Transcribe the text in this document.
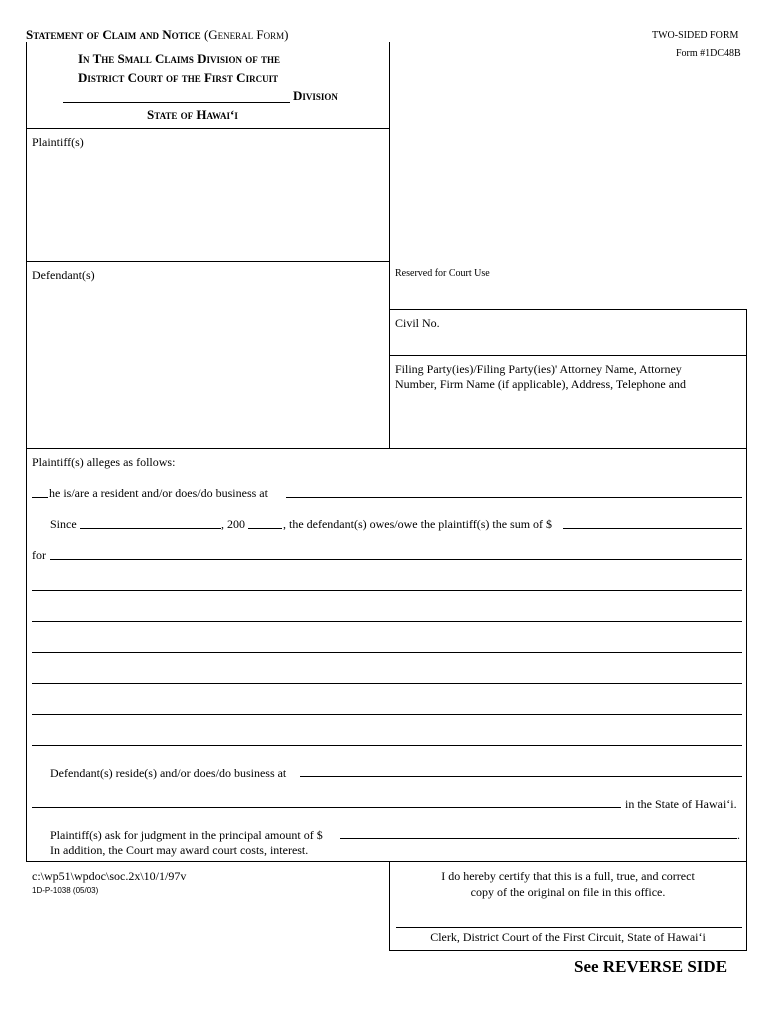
Statement of Claim and Notice (General Form)	TWO-SIDED FORM
Form #1DC48B
In The Small Claims Division of the
District Court of the First Circuit
Division
State of Hawai‘i
Plaintiff(s)
Defendant(s)	Reserved for Court Use
Civil No.
Filing Party(ies)/Filing Party(ies)' Attorney Name, Attorney
Number, Firm Name (if applicable), Address, Telephone and
Plaintiff(s) alleges as follows:
he is/are a resident and/or does/do business at
Since	, 200	, the defendant(s) owes/owe the plaintiff(s) the sum of $
for
Defendant(s) reside(s) and/or does/do business at
in the State of Hawai‘i.
Plaintiff(s) ask for judgment in the principal amount of $	.
In addition, the Court may award court costs, interest.
c:\wp51\wpdoc\soc.2x\10/1/97v
1D-P-1038 (05/03)
I do hereby certify that this is a full, true, and correct
copy of the original on file in this office.
Clerk, District Court of the First Circuit, State of Hawai‘i
See REVERSE SIDE
